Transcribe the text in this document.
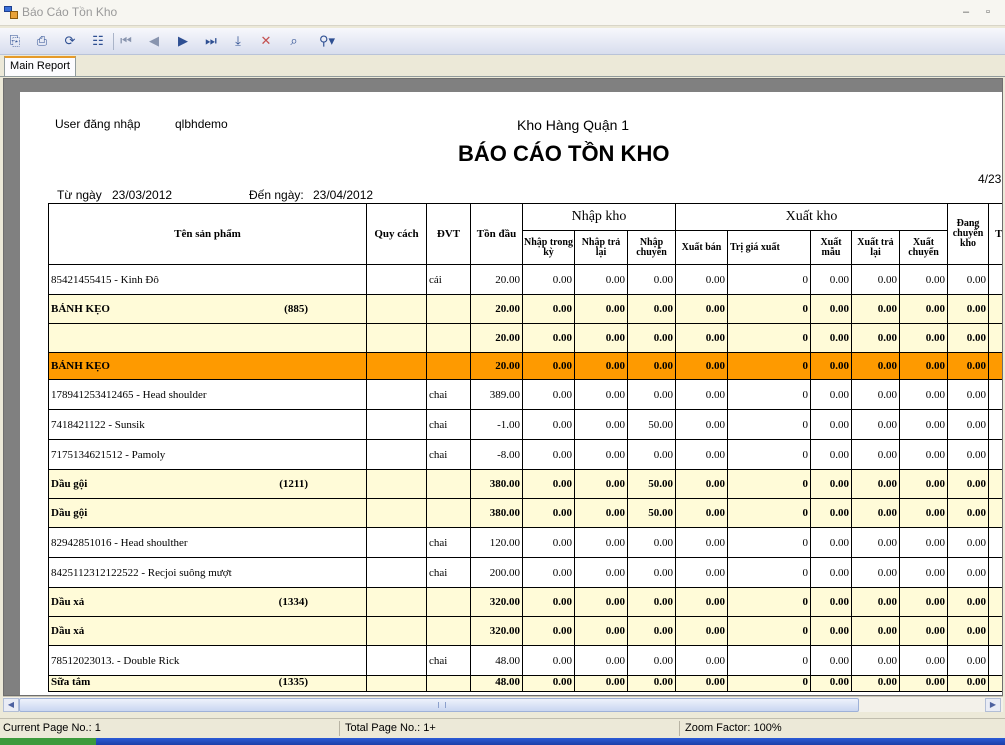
Báo Cáo Tồn Kho	–	▫
⎘	⎙	⟳	☷	⏮	◀	▶	⏭	⤓	✕	⌕	⚲▾
Main Report
User đăng nhập	qlbhdemo	Kho Hàng Quận 1
BÁO CÁO TỒN KHO
4/23
Từ ngày 23/03/2012	Đến ngày: 23/04/2012
Tên sản phẩm	Quy cách	ĐVT	Tồn đầu	Nhập kho			Xuất kho					Đang chuyển kho	T
				Nhập trong kỳ	Nhập trả lại	Nhập chuyển	Xuất bán	Trị giá xuất	Xuất mẫu	Xuất trả lại	Xuất chuyển		

85421455415 - Kinh Đô		cái	20.00	0.00	0.00	0.00	0.00	0	0.00	0.00	0.00	0.00	

BÁNH KẸO (885)			20.00	0.00	0.00	0.00	0.00	0	0.00	0.00	0.00	0.00	

			20.00	0.00	0.00	0.00	0.00	0	0.00	0.00	0.00	0.00	

BÁNH KẸO			20.00	0.00	0.00	0.00	0.00	0	0.00	0.00	0.00	0.00	

178941253412465 - Head shoulder		chai	389.00	0.00	0.00	0.00	0.00	0	0.00	0.00	0.00	0.00	

7418421122 - Sunsik		chai	-1.00	0.00	0.00	50.00	0.00	0	0.00	0.00	0.00	0.00	

7175134621512 - Pamoly		chai	-8.00	0.00	0.00	0.00	0.00	0	0.00	0.00	0.00	0.00	

Dầu gội (1211)			380.00	0.00	0.00	50.00	0.00	0	0.00	0.00	0.00	0.00	

Dầu gội			380.00	0.00	0.00	50.00	0.00	0	0.00	0.00	0.00	0.00	

82942851016 - Head shoulther		chai	120.00	0.00	0.00	0.00	0.00	0	0.00	0.00	0.00	0.00	

8425112312122522 - Recjoi suông mượt		chai	200.00	0.00	0.00	0.00	0.00	0	0.00	0.00	0.00	0.00	

Dầu xả (1334)			320.00	0.00	0.00	0.00	0.00	0	0.00	0.00	0.00	0.00	

Dầu xả			320.00	0.00	0.00	0.00	0.00	0	0.00	0.00	0.00	0.00	

78512023013. - Double Rick		chai	48.00	0.00	0.00	0.00	0.00	0	0.00	0.00	0.00	0.00	

Sữa tắm (1335)			48.00	0.00	0.00	0.00	0.00	0	0.00	0.00	0.00	0.00	
◀	▶
Current Page No.: 1	Total Page No.: 1+	Zoom Factor: 100%
